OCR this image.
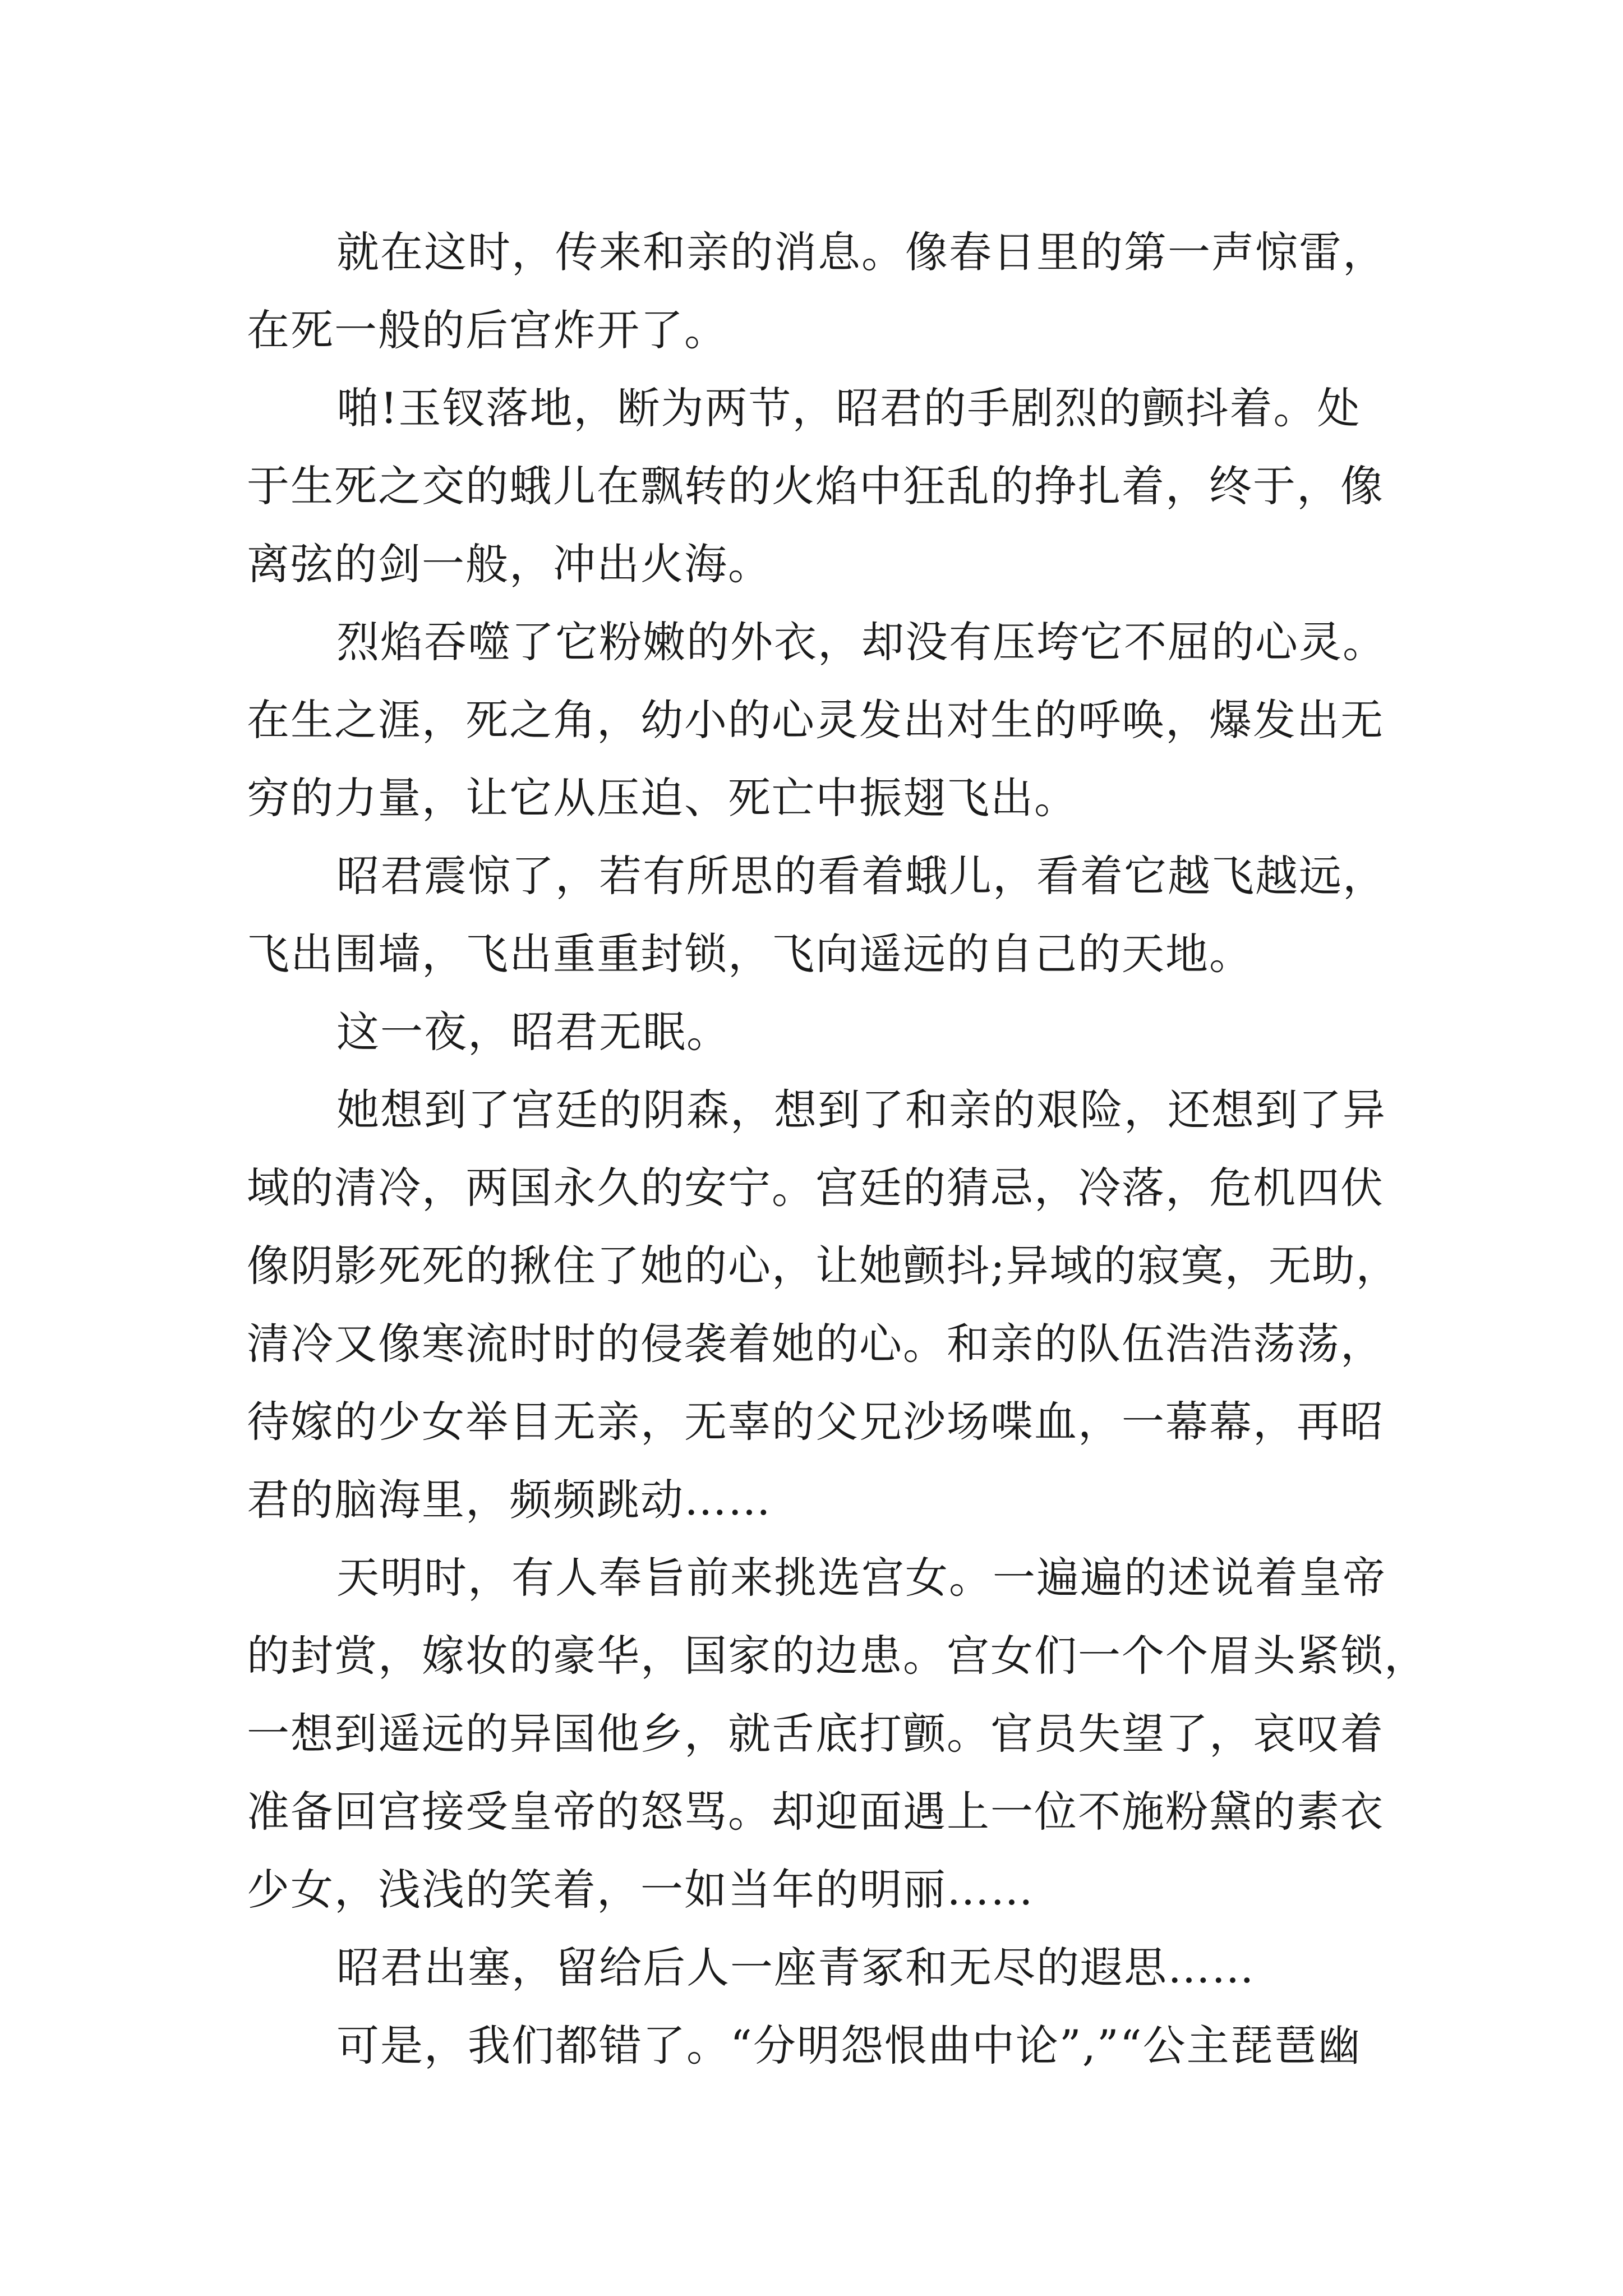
就在这时，传来和亲的消息。像春日里的第一声惊雷，
在死一般的后宫炸开了。
啪!玉钗落地，断为两节，昭君的手剧烈的颤抖着。处
于生死之交的蛾儿在飘转的火焰中狂乱的挣扎着，终于，像
离弦的剑一般，冲出火海。
烈焰吞噬了它粉嫩的外衣，却没有压垮它不屈的心灵。
在生之涯，死之角，幼小的心灵发出对生的呼唤，爆发出无
穷的力量，让它从压迫、死亡中振翅飞出。
昭君震惊了，若有所思的看着蛾儿，看着它越飞越远，
飞出围墙，飞出重重封锁，飞向遥远的自己的天地。
这一夜，昭君无眠。
她想到了宫廷的阴森，想到了和亲的艰险，还想到了异
域的清冷，两国永久的安宁。宫廷的猜忌，冷落，危机四伏
像阴影死死的揪住了她的心，让她颤抖;异域的寂寞，无助，
清冷又像寒流时时的侵袭着她的心。和亲的队伍浩浩荡荡，
待嫁的少女举目无亲，无辜的父兄沙场喋血，一幕幕，再昭
君的脑海里，频频跳动……
天明时，有人奉旨前来挑选宫女。一遍遍的述说着皇帝
的封赏，嫁妆的豪华，国家的边患。宫女们一个个眉头紧锁，
一想到遥远的异国他乡，就舌底打颤。官员失望了，哀叹着
准备回宫接受皇帝的怒骂。却迎面遇上一位不施粉黛的素衣
少女，浅浅的笑着，一如当年的明丽……
昭君出塞，留给后人一座青冢和无尽的遐思……
可是，我们都错了。“分明怨恨曲中论”,”“公主琵琶幽
